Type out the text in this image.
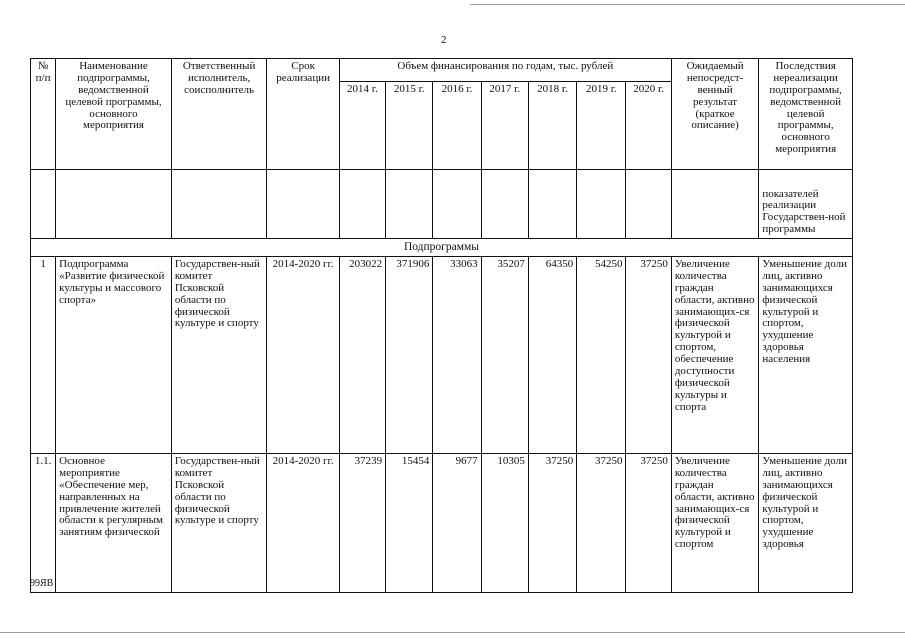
2
№ п/п	Наименование подпрограммы, ведомственной целевой программы, основного мероприятия	Ответственный исполнитель, соисполнитель	Срок реализации	Объем финансирования по годам, тыс. рублей							Ожидаемый непосредст-венный результат (краткое описание)	Последствия нереализации подпрограммы, ведомственной целевой программы, основного мероприятия
				2014 г.	2015 г.	2016 г.	2017 г.	2018 г.	2019 г.	2020 г.		
												показателей реализации Государствен-ной программы
Подпрограммы												
1	Подпрограмма «Развитие физической культуры и массового спорта»	Государствен-ный комитет Псковской области по физической культуре и спорту	2014-2020 гг.	203022	371906	33063	35207	64350	54250	37250	Увеличение количества граждан области, активно занимающих-ся физической культурой и спортом, обеспечение доступности физической культуры и спорта	Уменьшение доли лиц, активно занимающихся физической культурой и спортом, ухудшение здоровья населения
1.1.	Основное мероприятие «Обеспечение мер, направленных на привлечение жителей области к регулярным занятиям физической	Государствен-ный комитет Псковской области по физической культуре и спорту	2014-2020 гг.	37239	15454	9677	10305	37250	37250	37250	Увеличение количества граждан области, активно занимающих-ся физической культурой и спортом	Уменьшение доли лиц, активно занимающихся физической культурой и спортом, ухудшение здоровья
99ЯВ
